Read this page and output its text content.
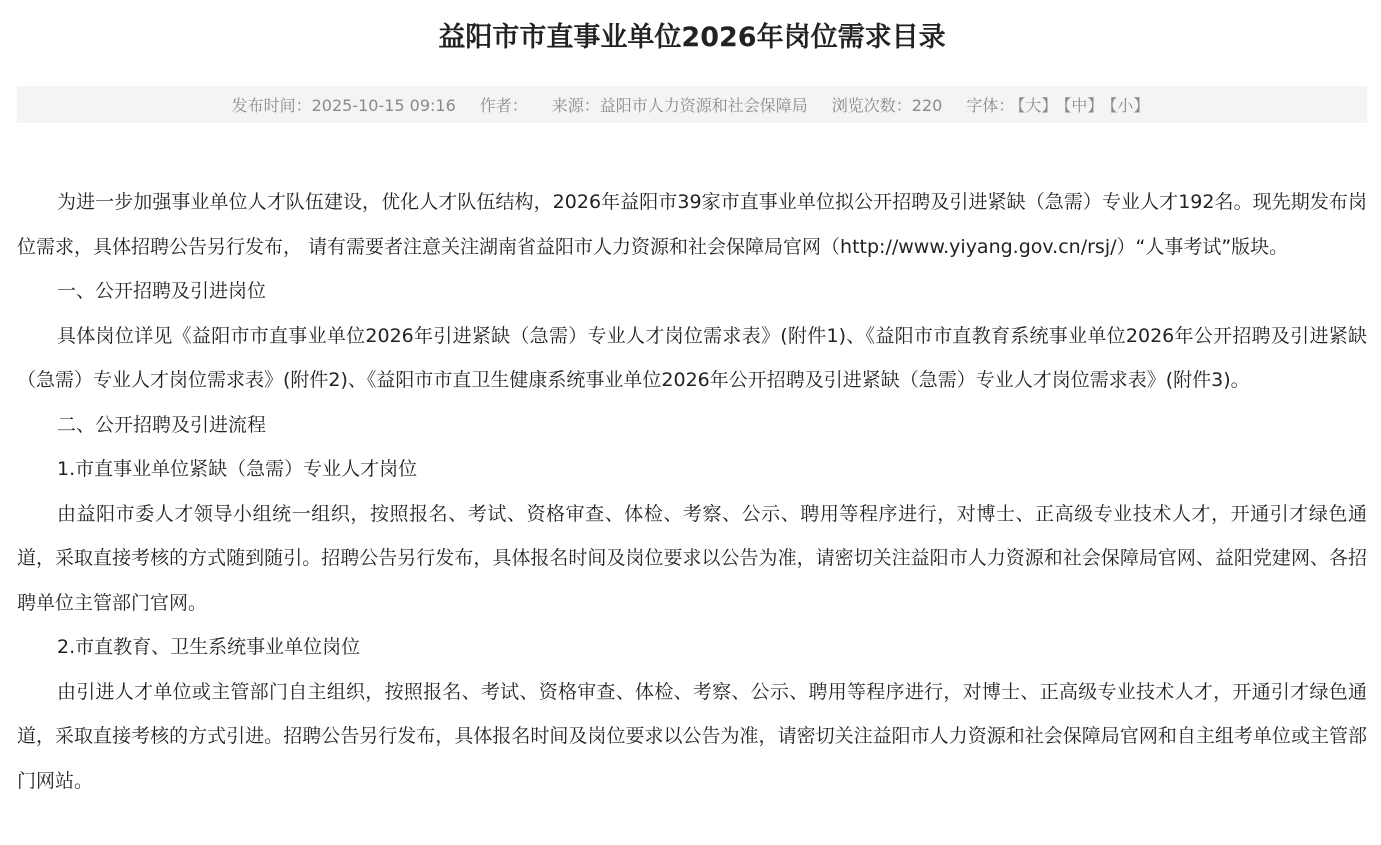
益阳市市直事业单位2026年岗位需求目录
发布时间：2025-10-15 09:16 作者： 来源：益阳市人力资源和社会保障局 浏览次数：220 字体： 【大】 【中】 【小】

为进一步加强事业单位人才队伍建设，优化人才队伍结构，2026年益阳市39家市直事业单位拟公开招聘及引进紧缺（急需）专业人才192名。现先期发布岗位需求，具体招聘公告另行发布， 请有需要者注意关注湖南省益阳市人力资源和社会保障局官网（http://www.yiyang.gov.cn/rsj/）“人事考试”版块。

一、公开招聘及引进岗位

具体岗位详见《益阳市市直事业单位2026年引进紧缺（急需）专业人才岗位需求表》(附件1)、《益阳市市直教育系统事业单位2026年公开招聘及引进紧缺（急需）专业人才岗位需求表》(附件2)、《益阳市市直卫生健康系统事业单位2026年公开招聘及引进紧缺（急需）专业人才岗位需求表》(附件3)。

二、公开招聘及引进流程

1.市直事业单位紧缺（急需）专业人才岗位

由益阳市委人才领导小组统一组织，按照报名、考试、资格审查、体检、考察、公示、聘用等程序进行，对博士、正高级专业技术人才，开通引才绿色通道，采取直接考核的方式随到随引。招聘公告另行发布，具体报名时间及岗位要求以公告为准，请密切关注益阳市人力资源和社会保障局官网、益阳党建网、各招聘单位主管部门官网。

2.市直教育、卫生系统事业单位岗位

由引进人才单位或主管部门自主组织，按照报名、考试、资格审查、体检、考察、公示、聘用等程序进行，对博士、正高级专业技术人才，开通引才绿色通道，采取直接考核的方式引进。招聘公告另行发布，具体报名时间及岗位要求以公告为准，请密切关注益阳市人力资源和社会保障局官网和自主组考单位或主管部门网站。
